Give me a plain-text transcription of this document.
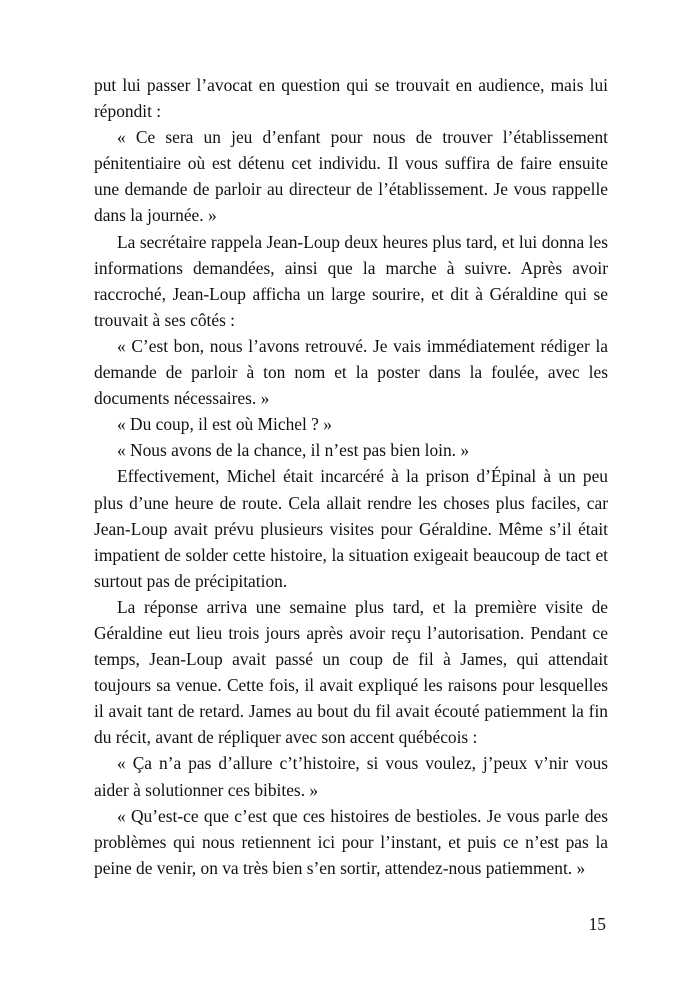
put lui passer l’avocat en question qui se trouvait en audience, mais lui répondit :

« Ce sera un jeu d’enfant pour nous de trouver l’établissement pénitentiaire où est détenu cet individu. Il vous suffira de faire ensuite une demande de parloir au directeur de l’établissement. Je vous rappelle dans la journée. »

La secrétaire rappela Jean-Loup deux heures plus tard, et lui donna les informations demandées, ainsi que la marche à suivre. Après avoir raccroché, Jean-Loup afficha un large sourire, et dit à Géraldine qui se trouvait à ses côtés :

« C’est bon, nous l’avons retrouvé. Je vais immédiatement rédiger la demande de parloir à ton nom et la poster dans la foulée, avec les documents nécessaires. »

« Du coup, il est où Michel ? »

« Nous avons de la chance, il n’est pas bien loin. »

Effectivement, Michel était incarcéré à la prison d’Épinal à un peu plus d’une heure de route. Cela allait rendre les choses plus faciles, car Jean-Loup avait prévu plusieurs visites pour Géraldine. Même s’il était impatient de solder cette histoire, la situation exigeait beaucoup de tact et surtout pas de précipitation.

La réponse arriva une semaine plus tard, et la première visite de Géraldine eut lieu trois jours après avoir reçu l’autorisation. Pendant ce temps, Jean-Loup avait passé un coup de fil à James, qui attendait toujours sa venue. Cette fois, il avait expliqué les raisons pour lesquelles il avait tant de retard. James au bout du fil avait écouté patiemment la fin du récit, avant de répliquer avec son accent québécois :

« Ça n’a pas d’allure c’t’histoire, si vous voulez, j’peux v’nir vous aider à solutionner ces bibites. »

« Qu’est-ce que c’est que ces histoires de bestioles. Je vous parle des problèmes qui nous retiennent ici pour l’instant, et puis ce n’est pas la peine de venir, on va très bien s’en sortir, attendez-nous patiemment. »

15
